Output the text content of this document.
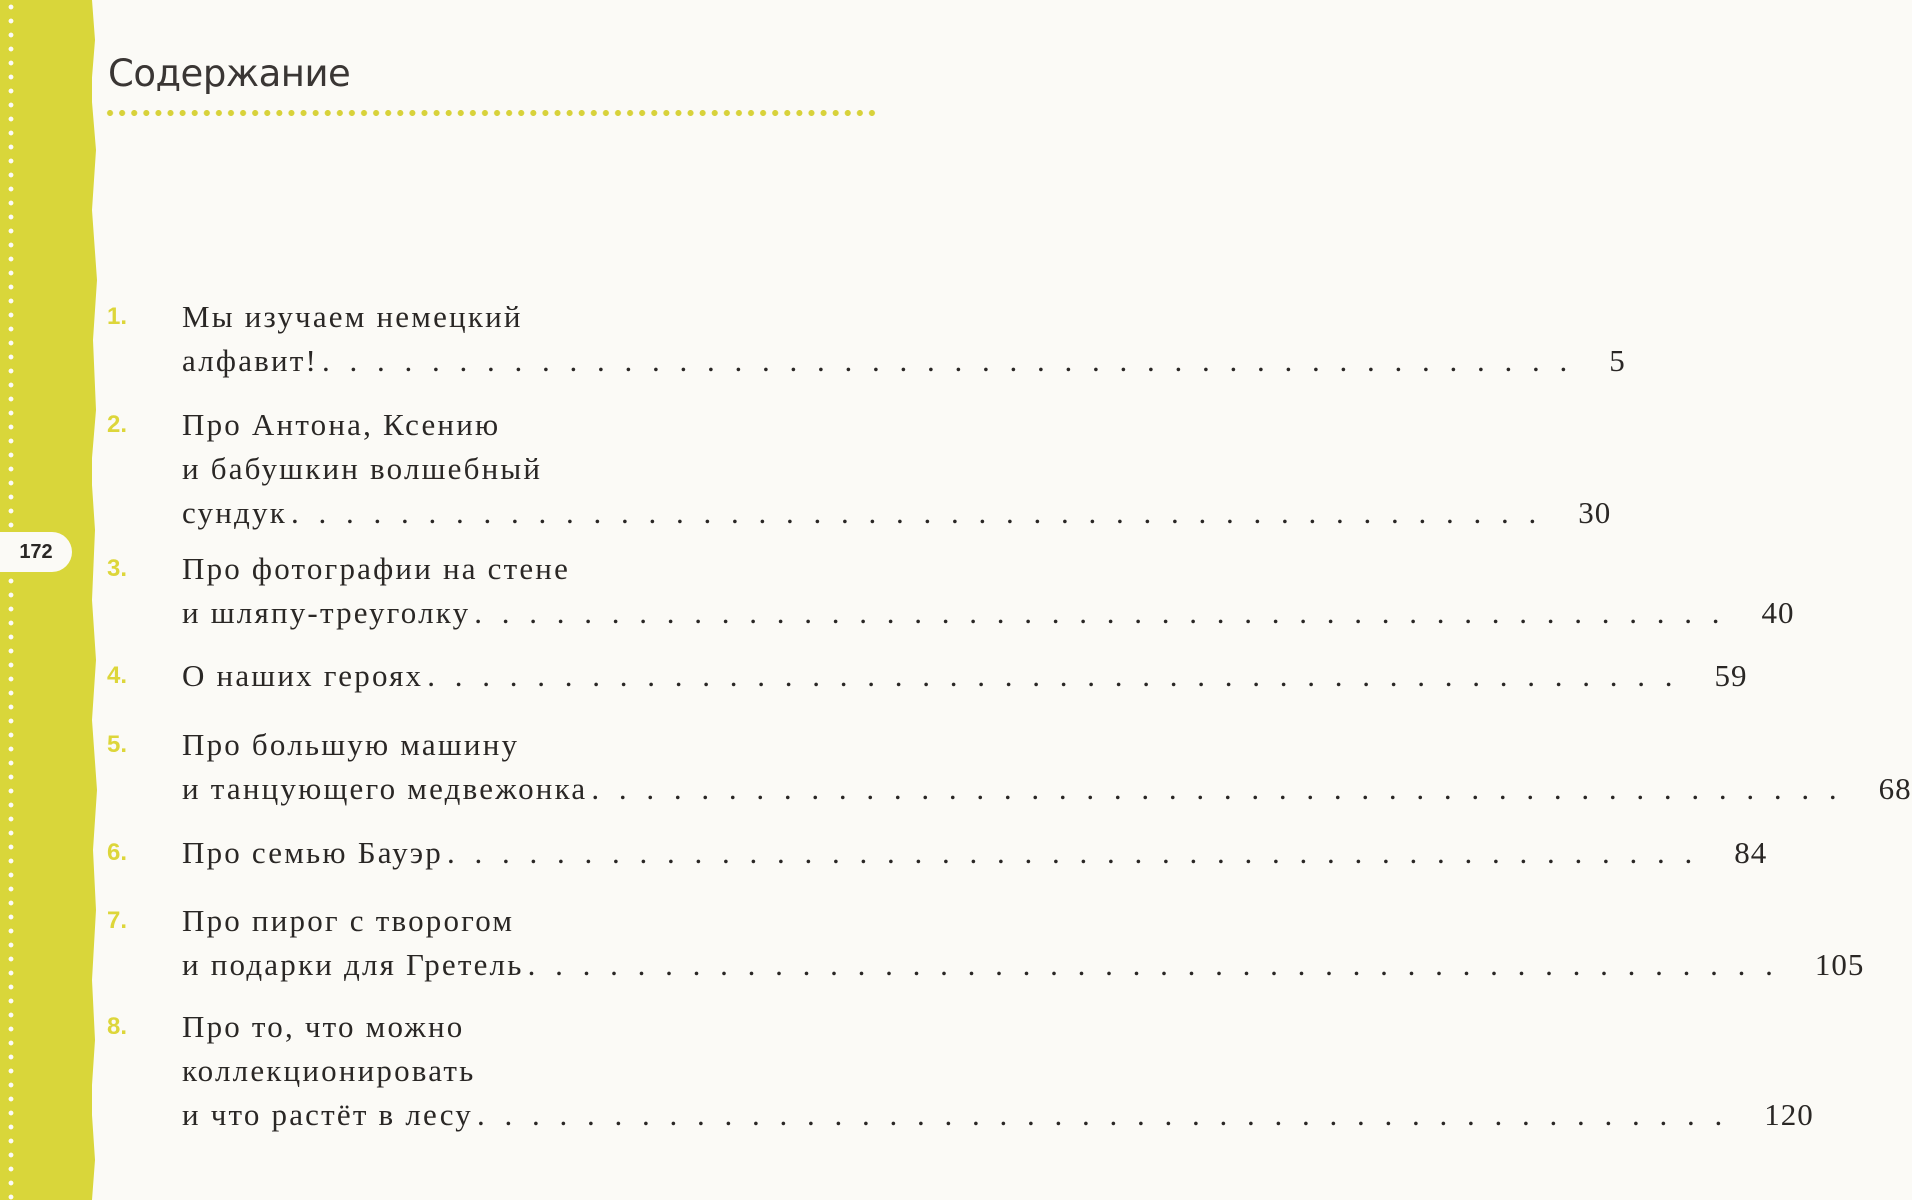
172
Содержание
1. Мы изучаем немецкий
алфавит! . . . . . . . . . . . . . . . . . . . . . . . . . . . . . . . . . . . . . . . . . . . . . . 5
2. Про Антона, Ксению
и бабушкин волшебный
сундук . . . . . . . . . . . . . . . . . . . . . . . . . . . . . . . . . . . . . . . . . . . . . . 30
3. Про фотографии на стене
и шляпу-треуголку . . . . . . . . . . . . . . . . . . . . . . . . . . . . . . . . . . . . . . . . . . . . . . 40
4. О наших героях . . . . . . . . . . . . . . . . . . . . . . . . . . . . . . . . . . . . . . . . . . . . . . 59
5. Про большую машину
и танцующего медвежонка . . . . . . . . . . . . . . . . . . . . . . . . . . . . . . . . . . . . . . . . . . . . . . 68
6. Про семью Бауэр . . . . . . . . . . . . . . . . . . . . . . . . . . . . . . . . . . . . . . . . . . . . . . 84
7. Про пирог с творогом
и подарки для Гретель . . . . . . . . . . . . . . . . . . . . . . . . . . . . . . . . . . . . . . . . . . . . . . 105
8. Про то, что можно
коллекционировать
и что растёт в лесу . . . . . . . . . . . . . . . . . . . . . . . . . . . . . . . . . . . . . . . . . . . . . . 120
